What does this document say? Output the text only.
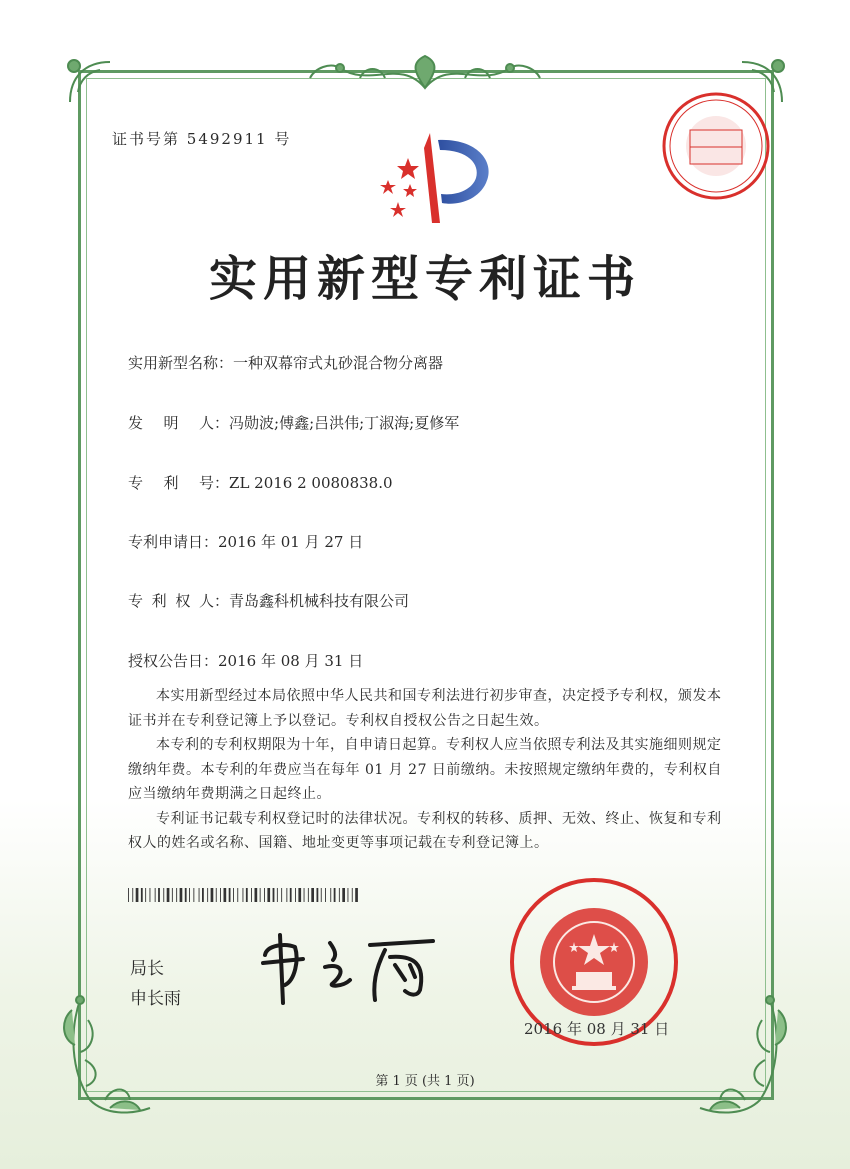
证书号第 5492911 号
实用新型专利证书
实用新型名称：一种双幕帘式丸砂混合物分离器
发 明 人：冯勋波;傅鑫;吕洪伟;丁淑海;夏修军
专 利 号：ZL 2016 2 0080838.0
专利申请日：2016 年 01 月 27 日
专 利 权 人：青岛鑫科机械科技有限公司
授权公告日：2016 年 08 月 31 日

本实用新型经过本局依照中华人民共和国专利法进行初步审查，决定授予专利权，颁发本证书并在专利登记簿上予以登记。专利权自授权公告之日起生效。

本专利的专利权期限为十年，自申请日起算。专利权人应当依照专利法及其实施细则规定缴纳年费。本专利的年费应当在每年 01 月 27 日前缴纳。未按照规定缴纳年费的，专利权自应当缴纳年费期满之日起终止。

专利证书记载专利权登记时的法律状况。专利权的转移、质押、无效、终止、恢复和专利权人的姓名或名称、国籍、地址变更等事项记载在专利登记簿上。

局长
申长雨
2016 年 08 月 31 日
第 1 页 (共 1 页)
